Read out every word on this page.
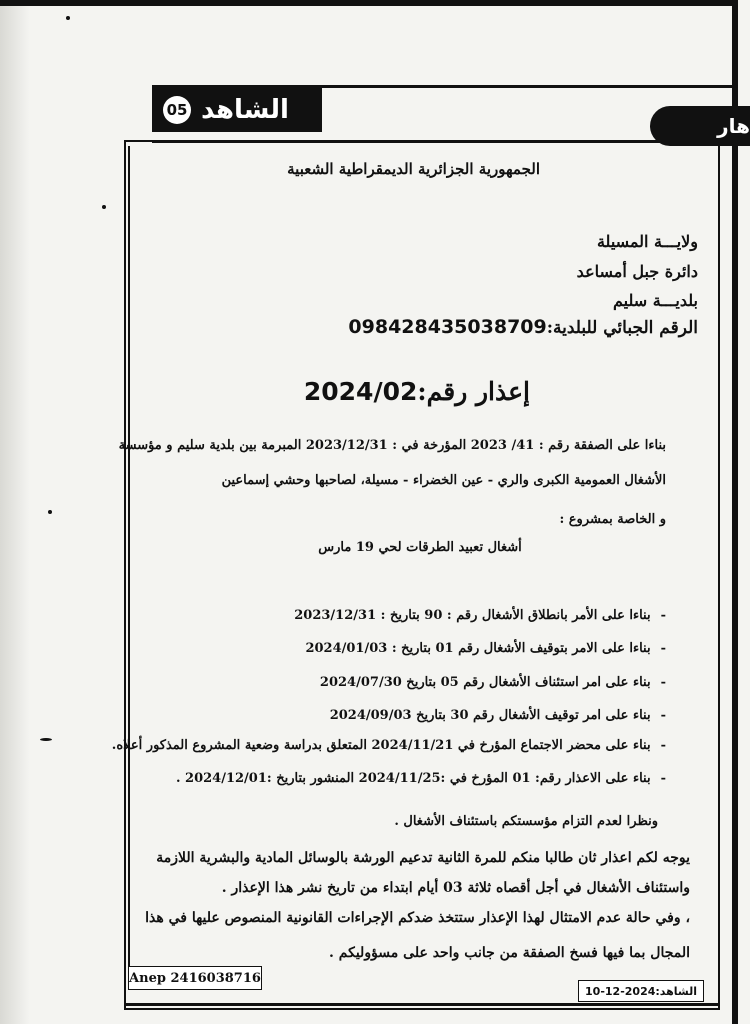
05 الشاهد
هار
الجمهورية الجزائرية الديمقراطية الشعبية
ولايـــة المسيلة
دائرة جبل أمساعد
بلديـــة سليم
الرقم الجبائي للبلدية:098428435038709
إعذار رقم:2024/02
بناءا على الصفقة رقم : 41/ 2023 المؤرخة في : 2023/12/31 المبرمة بين بلدية سليم و مؤسسة
الأشغال العمومية الكبرى والري - عين الخضراء - مسيلة، لصاحبها وحشي إسماعين
و الخاصة بمشروع :
أشغال تعبيد الطرقات لحي 19 مارس
-بناءا على الأمر بانطلاق الأشغال رقم : 90 بتاريخ : 2023/12/31
-بناءا على الامر بتوقيف الأشغال رقم 01 بتاريخ : 2024/01/03
-بناء على امر استئناف الأشغال رقم 05 بتاريخ 2024/07/30
-بناء على امر توقيف الأشغال رقم 30 بتاريخ 2024/09/03
-بناء على محضر الاجتماع المؤرخ في 2024/11/21 المتعلق بدراسة وضعية المشروع المذكور أعلاه.
-بناء على الاعذار رقم: 01 المؤرخ في :2024/11/25 المنشور بتاريخ :2024/12/01 .
ونظرا لعدم التزام مؤسستكم باستئناف الأشغال .
يوجه لكم اعذار ثان طالبا منكم للمرة الثانية تدعيم الورشة بالوسائل المادية والبشرية اللازمة
واستئناف الأشغال في أجل أقصاه ثلاثة 03 أيام ابتداء من تاريخ نشر هذا الإعذار .
، وفي حالة عدم الامتثال لهذا الإعذار ستتخذ ضدكم الإجراءات القانونية المنصوص عليها في هذا
المجال بما فيها فسخ الصفقة من جانب واحد على مسؤوليكم .
Anep 2416038716
الشاهد:2024-12-10
